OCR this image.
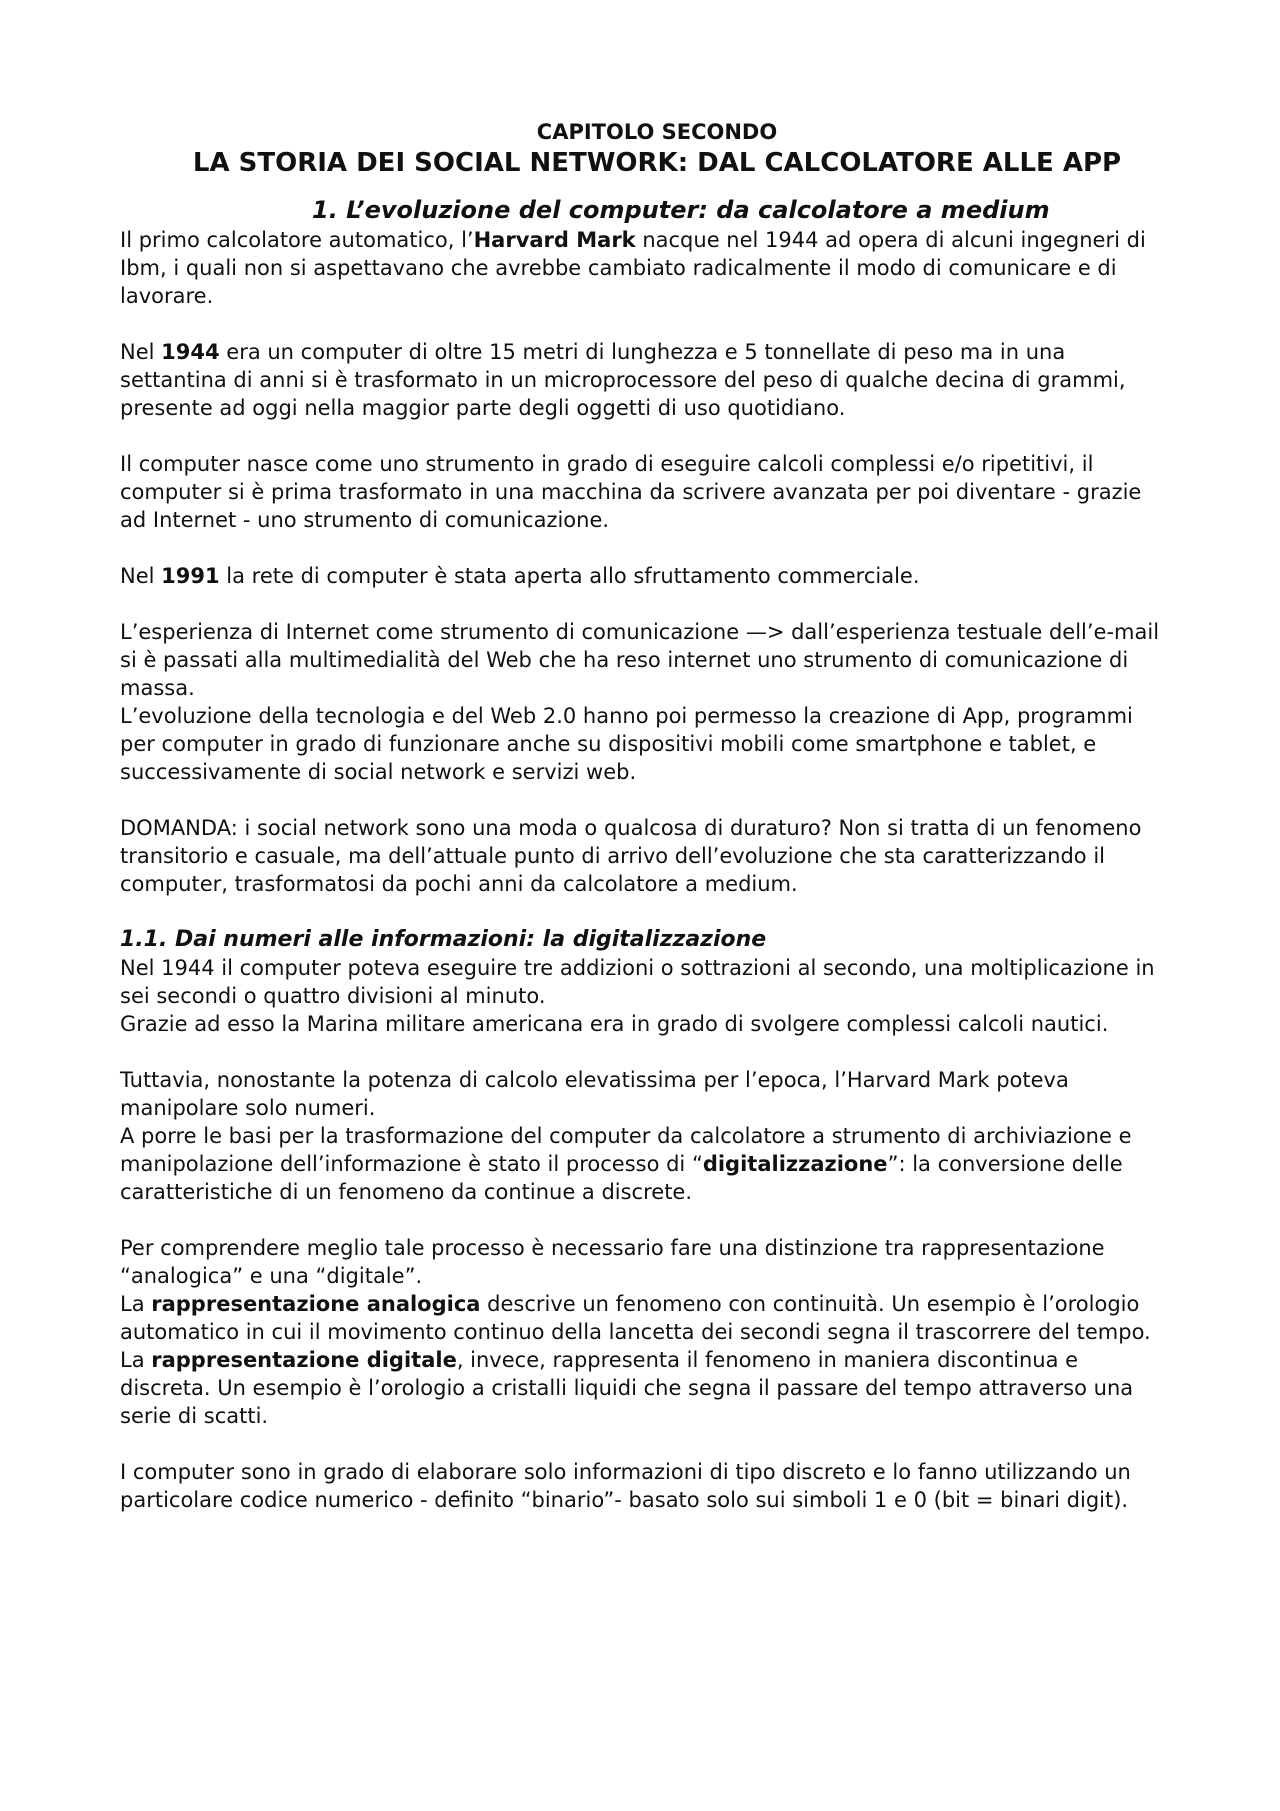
CAPITOLO SECONDO
LA STORIA DEI SOCIAL NETWORK: DAL CALCOLATORE ALLE APP
1. L’evoluzione del computer: da calcolatore a medium

Il primo calcolatore automatico, l’Harvard Mark nacque nel 1944 ad opera di alcuni ingegneri di Ibm, i quali non si aspettavano che avrebbe cambiato radicalmente il modo di comunicare e di lavorare.

Nel 1944 era un computer di oltre 15 metri di lunghezza e 5 tonnellate di peso ma in una settantina di anni si è trasformato in un microprocessore del peso di qualche decina di grammi, presente ad oggi nella maggior parte degli oggetti di uso quotidiano.

Il computer nasce come uno strumento in grado di eseguire calcoli complessi e/o ripetitivi, il computer si è prima trasformato in una macchina da scrivere avanzata per poi diventare - grazie ad Internet - uno strumento di comunicazione.

Nel 1991 la rete di computer è stata aperta allo sfruttamento commerciale.

L’esperienza di Internet come strumento di comunicazione —> dall’esperienza testuale dell’e-mail si è passati alla multimedialità del Web che ha reso internet uno strumento di comunicazione di massa.

L’evoluzione della tecnologia e del Web 2.0 hanno poi permesso la creazione di App, programmi per computer in grado di funzionare anche su dispositivi mobili come smartphone e tablet, e successivamente di social network e servizi web.

DOMANDA: i social network sono una moda o qualcosa di duraturo? Non si tratta di un fenomeno transitorio e casuale, ma dell’attuale punto di arrivo dell’evoluzione che sta caratterizzando il computer, trasformatosi da pochi anni da calcolatore a medium.

1.1. Dai numeri alle informazioni: la digitalizzazione

Nel 1944 il computer poteva eseguire tre addizioni o sottrazioni al secondo, una moltiplicazione in sei secondi o quattro divisioni al minuto.

Grazie ad esso la Marina militare americana era in grado di svolgere complessi calcoli nautici.

Tuttavia, nonostante la potenza di calcolo elevatissima per l’epoca, l’Harvard Mark poteva manipolare solo numeri.

A porre le basi per la trasformazione del computer da calcolatore a strumento di archiviazione e manipolazione dell’informazione è stato il processo di “digitalizzazione”: la conversione delle caratteristiche di un fenomeno da continue a discrete.

Per comprendere meglio tale processo è necessario fare una distinzione tra rappresentazione “analogica” e una “digitale”.

La rappresentazione analogica descrive un fenomeno con continuità. Un esempio è l’orologio automatico in cui il movimento continuo della lancetta dei secondi segna il trascorrere del tempo.

La rappresentazione digitale, invece, rappresenta il fenomeno in maniera discontinua e discreta. Un esempio è l’orologio a cristalli liquidi che segna il passare del tempo attraverso una serie di scatti.

I computer sono in grado di elaborare solo informazioni di tipo discreto e lo fanno utilizzando un particolare codice numerico - definito “binario”- basato solo sui simboli 1 e 0 (bit = binari digit).
